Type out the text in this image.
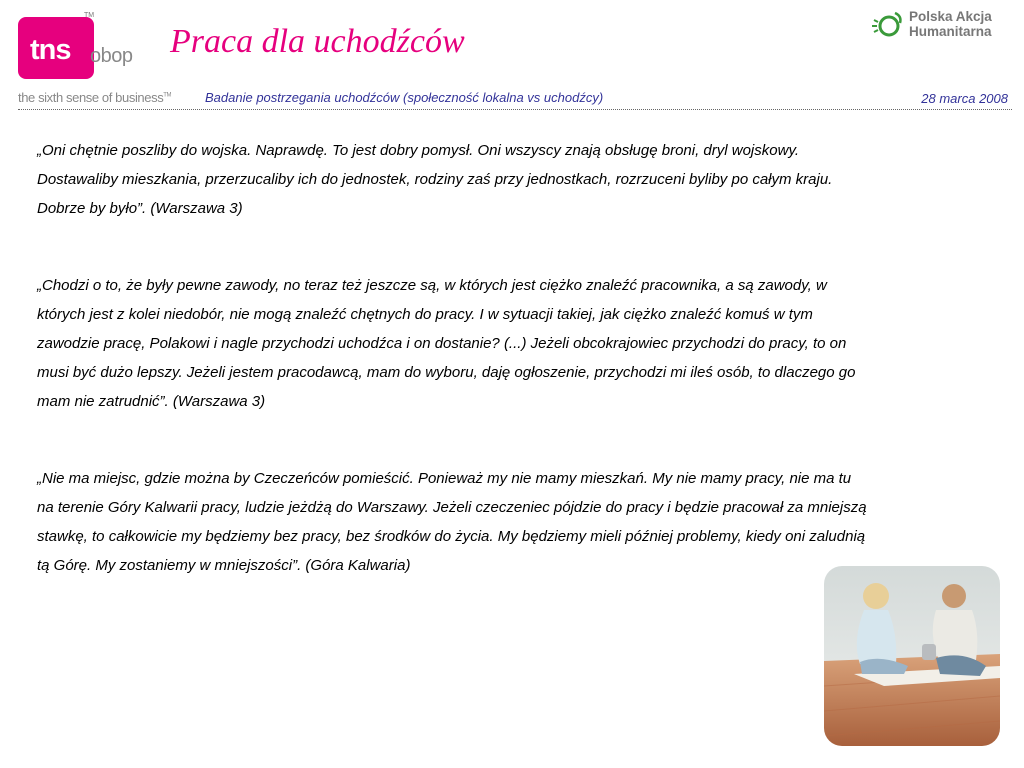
tns
TM
obop
the sixth sense of business™
Praca dla uchodźców
Badanie postrzegania uchodźców (społeczność lokalna vs uchodźcy)	28 marca 2008
Polska Akcja
Humanitarna

„Oni chętnie poszliby do wojska. Naprawdę. To jest dobry pomysł. Oni wszyscy znają obsługę broni, dryl wojskowy. Dostawaliby mieszkania, przerzucaliby ich do jednostek, rodziny zaś przy jednostkach, rozrzuceni byliby po całym kraju. Dobrze by było”. (Warszawa 3)

„Chodzi o to, że były pewne zawody, no teraz też jeszcze są, w których jest ciężko znaleźć pracownika, a są zawody, w których jest z kolei niedobór, nie mogą znaleźć chętnych do pracy. I w sytuacji takiej, jak ciężko znaleźć komuś w tym zawodzie pracę, Polakowi i nagle przychodzi uchodźca i on dostanie? (...) Jeżeli obcokrajowiec przychodzi do pracy, to on musi być dużo lepszy. Jeżeli jestem pracodawcą, mam do wyboru, daję ogłoszenie, przychodzi mi ileś osób, to dlaczego go mam nie zatrudnić”. (Warszawa 3)

„Nie ma miejsc, gdzie można by Czeczeńców pomieścić. Ponieważ my nie mamy mieszkań. My nie mamy pracy, nie ma tu na terenie Góry Kalwarii pracy, ludzie jeżdżą do Warszawy. Jeżeli czeczeniec pójdzie do pracy i będzie pracował za mniejszą stawkę, to całkowicie my będziemy bez pracy, bez środków do życia. My będziemy mieli później problemy, kiedy oni zaludnią tą Górę. My zostaniemy w mniejszości”. (Góra Kalwaria)
